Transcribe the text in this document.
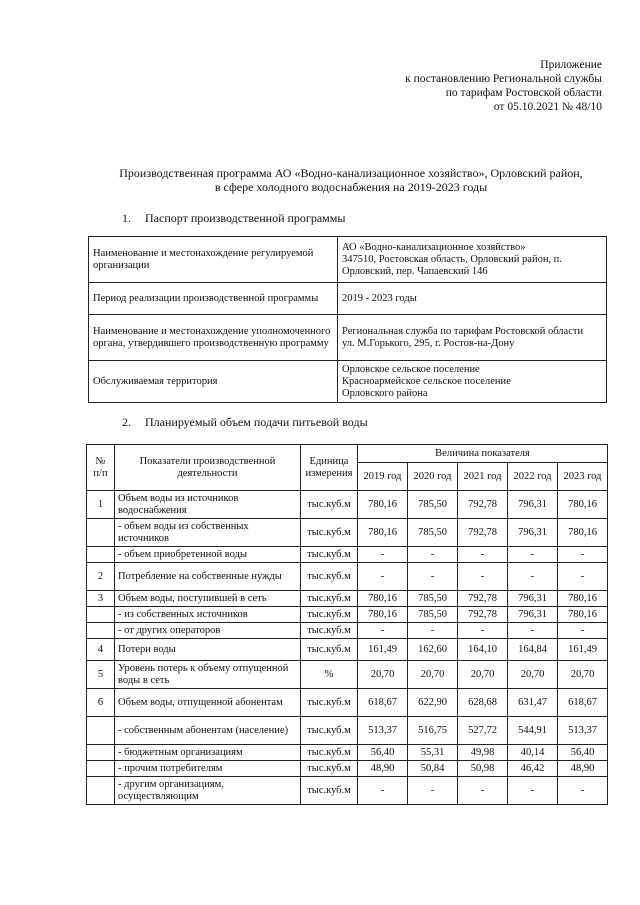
Приложение
к постановлению Региональной службы
по тарифам Ростовской области
от 05.10.2021 № 48/10
Производственная программа АО «Водно-канализационное хозяйство», Орловский район,
в сфере холодного водоснабжения на 2019-2023 годы
1. Паспорт производственной программы
Наименование и местонахождение регулируемой организации	АО «Водно-канализационное хозяйство»
347510, Ростовская область, Орловский район, п.
Орловский, пер. Чапаевский 146

Период реализации производственной программы	2019 - 2023 годы

Наименование и местонахождение уполномоченного органа, утвердившего производственную программу	Региональная служба по тарифам Ростовской области
ул. М.Горького, 295, г. Ростов-на-Дону

Обслуживаемая территория	Орловское сельское поселение
Красноармейское сельское поселение
Орловского района
2. Планируемый объем подачи питьевой воды
№ п/п	Показатели производственной деятельности	Единица измерения	Величина показателя				
			2019 год	2020 год	2021 год	2022 год	2023 год
1	Объем воды из источников водоснабжения	тыс.куб.м	780,16	785,50	792,78	796,31	780,16
	- объем воды из собственных источников	тыс.куб.м	780,16	785,50	792,78	796,31	780,16
	- объем приобретенной воды	тыс.куб.м	-	-	-	-	-
2	Потребление на собственные нужды	тыс.куб.м	-	-	-	-	-
3	Объем воды, поступившей в сеть	тыс.куб.м	780,16	785,50	792,78	796,31	780,16
	- из собственных источников	тыс.куб.м	780,16	785,50	792,78	796,31	780,16
	- от других операторов	тыс.куб.м	-	-	-	-	-
4	Потери воды	тыс.куб.м	161,49	162,60	164,10	164,84	161,49
5	Уровень потерь к объему отпущенной воды в сеть	%	20,70	20,70	20,70	20,70	20,70
6	Объем воды, отпущенной абонентам	тыс.куб.м	618,67	622,90	628,68	631,47	618,67
	- собственным абонентам (население)	тыс.куб.м	513,37	516,75	527,72	544,91	513,37
	- бюджетным организациям	тыс.куб.м	56,40	55,31	49,98	40,14	56,40
	- прочим потребителям	тыс.куб.м	48,90	50,84	50,98	46,42	48,90
	- другим организациям, осуществляющим	тыс.куб.м	-	-	-	-	-
